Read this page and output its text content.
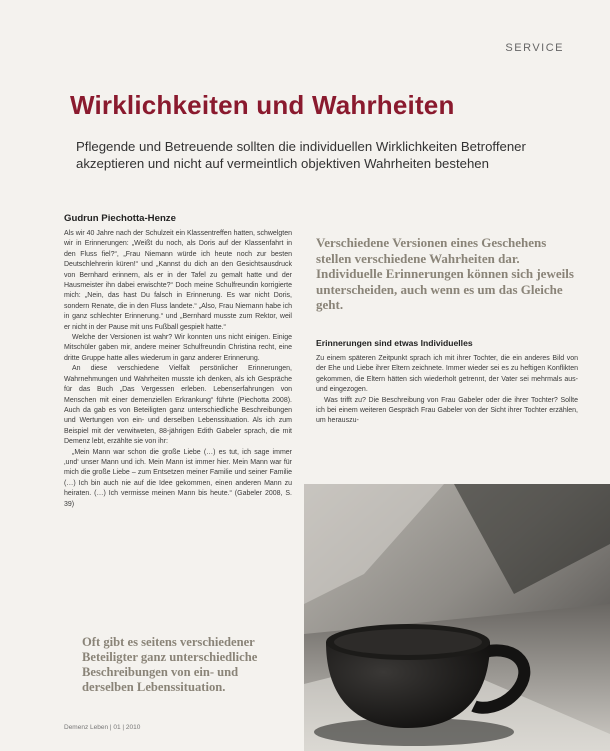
SERVICE
Wirklichkeiten und Wahrheiten
Pflegende und Betreuende sollten die individuellen Wirklichkeiten Betroffener akzeptieren und nicht auf vermeintlich objektiven Wahrheiten bestehen
Gudrun Piechotta-Henze

Als wir 40 Jahre nach der Schulzeit ein Klassentreffen hatten, schwelgten wir in Erinnerungen: „Weißt du noch, als Doris auf der Klassenfahrt in den Fluss fiel?“, „Frau Niemann würde ich heute noch zur besten Deutschlehrerin küren!“ und „Kannst du dich an den Gesichtsausdruck von Bernhard erinnern, als er in der Tafel zu gemalt hatte und der Hausmeister ihn dabei erwischte?“ Doch meine Schulfreundin korrigierte mich: „Nein, das hast Du falsch in Erinnerung. Es war nicht Doris, sondern Renate, die in den Fluss landete.“ „Also, Frau Niemann habe ich in ganz schlechter Erinnerung.“ und „Bernhard musste zum Rektor, weil er nicht in der Pause mit uns Fußball gespielt hatte.“

Welche der Versionen ist wahr? Wir konnten uns nicht einigen. Einige Mitschüler gaben mir, andere meiner Schulfreundin Christina recht, eine dritte Gruppe hatte alles wiederum in ganz anderer Erinnerung.

An diese verschiedene Vielfalt persönlicher Erinnerungen, Wahrnehmungen und Wahrheiten musste ich denken, als ich Gespräche für das Buch „Das Vergessen erleben. Lebenserfahrungen von Menschen mit einer demenziellen Erkrankung“ führte (Piechotta 2008). Auch da gab es von Beteiligten ganz unterschiedliche Beschreibungen und Wertungen von ein- und derselben Lebenssituation. Als ich zum Beispiel mit der verwitweten, 88-jährigen Edith Gabeler sprach, die mit Demenz lebt, erzählte sie von ihr:

„Mein Mann war schon die große Liebe (…) es tut, ich sage immer ‚und‘ unser Mann und ich. Mein Mann ist immer hier. Mein Mann war für mich die große Liebe – zum Entsetzen meiner Familie und seiner Familie (…) Ich bin auch nie auf die Idee gekommen, einen anderen Mann zu heiraten. (…) Ich vermisse meinen Mann bis heute.“ (Gabeler 2008, S. 39)

Verschiedene Versionen eines Geschehens stellen verschiedene Wahrheiten dar. Individuelle Erinnerungen können sich jeweils unterscheiden, auch wenn es um das Gleiche geht.
Erinnerungen sind etwas Individuelles

Zu einem späteren Zeitpunkt sprach ich mit ihrer Tochter, die ein anderes Bild von der Ehe und Liebe ihrer Eltern zeichnete. Immer wieder sei es zu heftigen Konflikten gekommen, die Eltern hätten sich wiederholt getrennt, der Vater sei mehrmals aus- und eingezogen.

Was trifft zu? Die Beschreibung von Frau Gabeler oder die ihrer Tochter? Sollte ich bei einem weiteren Gespräch Frau Gabeler von der Sicht ihrer Tochter erzählen, um herauszu-

Oft gibt es seitens verschiedener Beteiligter ganz unterschiedliche Beschreibungen von ein- und derselben Lebenssituation.
Demenz Leben | 01 | 2010
